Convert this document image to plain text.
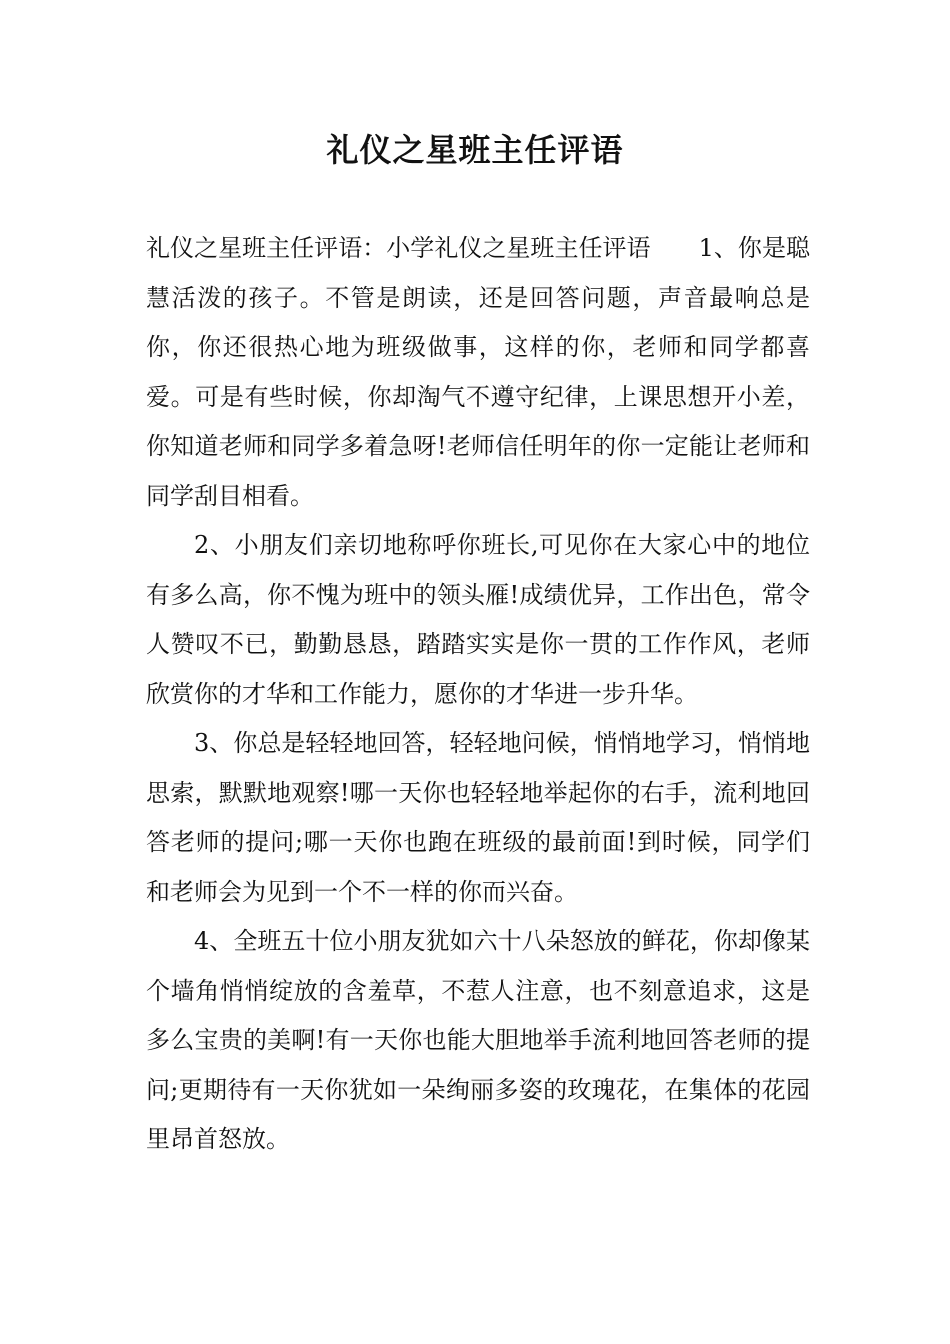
礼仪之星班主任评语

礼仪之星班主任评语：小学礼仪之星班主任评语　　1、你是聪慧活泼的孩子。不管是朗读，还是回答问题，声音最响总是你，你还很热心地为班级做事，这样的你，老师和同学都喜爱。可是有些时候，你却淘气不遵守纪律，上课思想开小差，你知道老师和同学多着急呀!老师信任明年的你一定能让老师和同学刮目相看。

2、小朋友们亲切地称呼你班长,可见你在大家心中的地位有多么高，你不愧为班中的领头雁!成绩优异，工作出色，常令人赞叹不已，勤勤恳恳，踏踏实实是你一贯的工作作风，老师欣赏你的才华和工作能力，愿你的才华进一步升华。

3、你总是轻轻地回答，轻轻地问候，悄悄地学习，悄悄地思索，默默地观察!哪一天你也轻轻地举起你的右手，流利地回答老师的提问;哪一天你也跑在班级的最前面!到时候，同学们和老师会为见到一个不一样的你而兴奋。

4、全班五十位小朋友犹如六十八朵怒放的鲜花，你却像某个墙角悄悄绽放的含羞草，不惹人注意，也不刻意追求，这是多么宝贵的美啊!有一天你也能大胆地举手流利地回答老师的提问;更期待有一天你犹如一朵绚丽多姿的玫瑰花，在集体的花园里昂首怒放。
